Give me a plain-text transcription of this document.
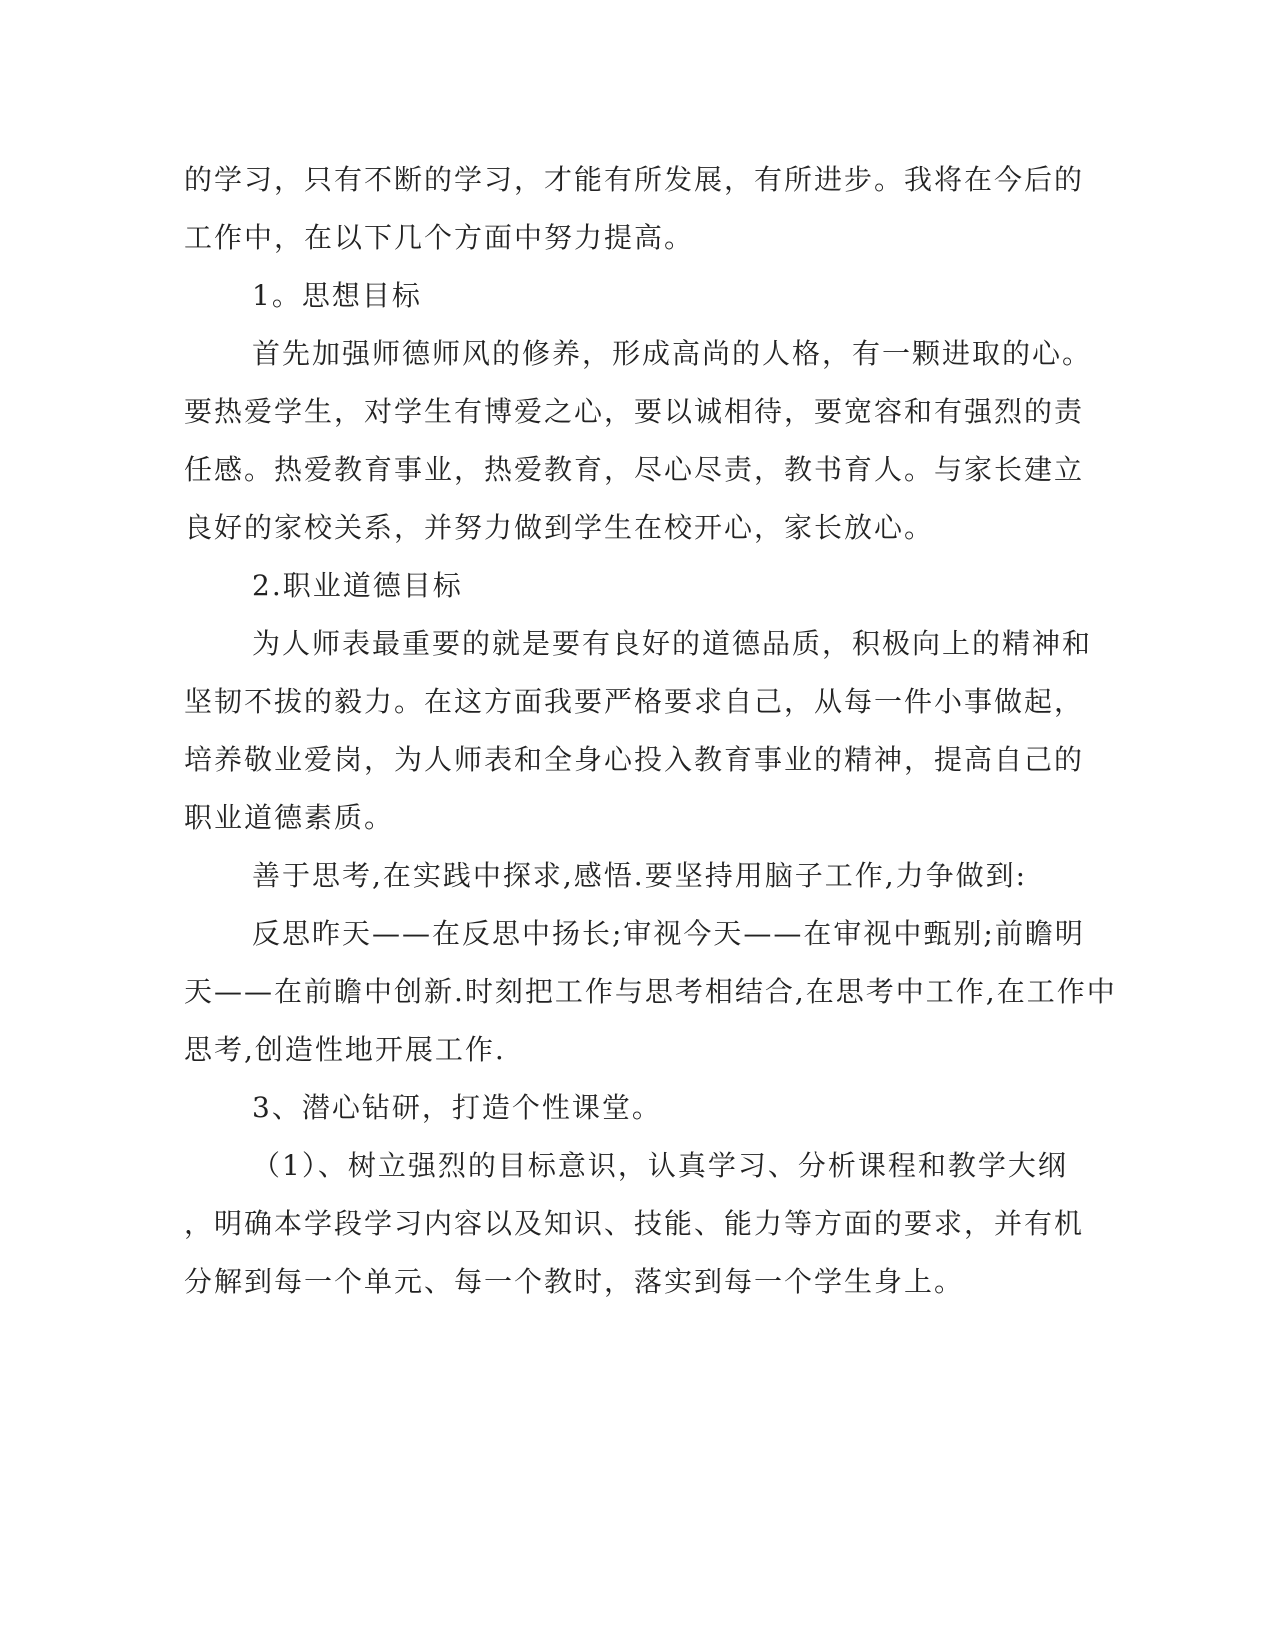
的学习，只有不断的学习，才能有所发展，有所进步。我将在今后的
工作中，在以下几个方面中努力提高。
1。思想目标
首先加强师德师风的修养，形成高尚的人格，有一颗进取的心。
要热爱学生，对学生有博爱之心，要以诚相待，要宽容和有强烈的责
任感。热爱教育事业，热爱教育，尽心尽责，教书育人。与家长建立
良好的家校关系，并努力做到学生在校开心，家长放心。
2.职业道德目标
为人师表最重要的就是要有良好的道德品质，积极向上的精神和
坚韧不拔的毅力。在这方面我要严格要求自己，从每一件小事做起，
培养敬业爱岗，为人师表和全身心投入教育事业的精神，提高自己的
职业道德素质。
善于思考,在实践中探求,感悟.要坚持用脑子工作,力争做到:
反思昨天——在反思中扬长;审视今天——在审视中甄别;前瞻明
天——在前瞻中创新.时刻把工作与思考相结合,在思考中工作,在工作中
思考,创造性地开展工作.
3、潜心钻研，打造个性课堂。
（1）、树立强烈的目标意识，认真学习、分析课程和教学大纲
，明确本学段学习内容以及知识、技能、能力等方面的要求，并有机
分解到每一个单元、每一个教时，落实到每一个学生身上。
